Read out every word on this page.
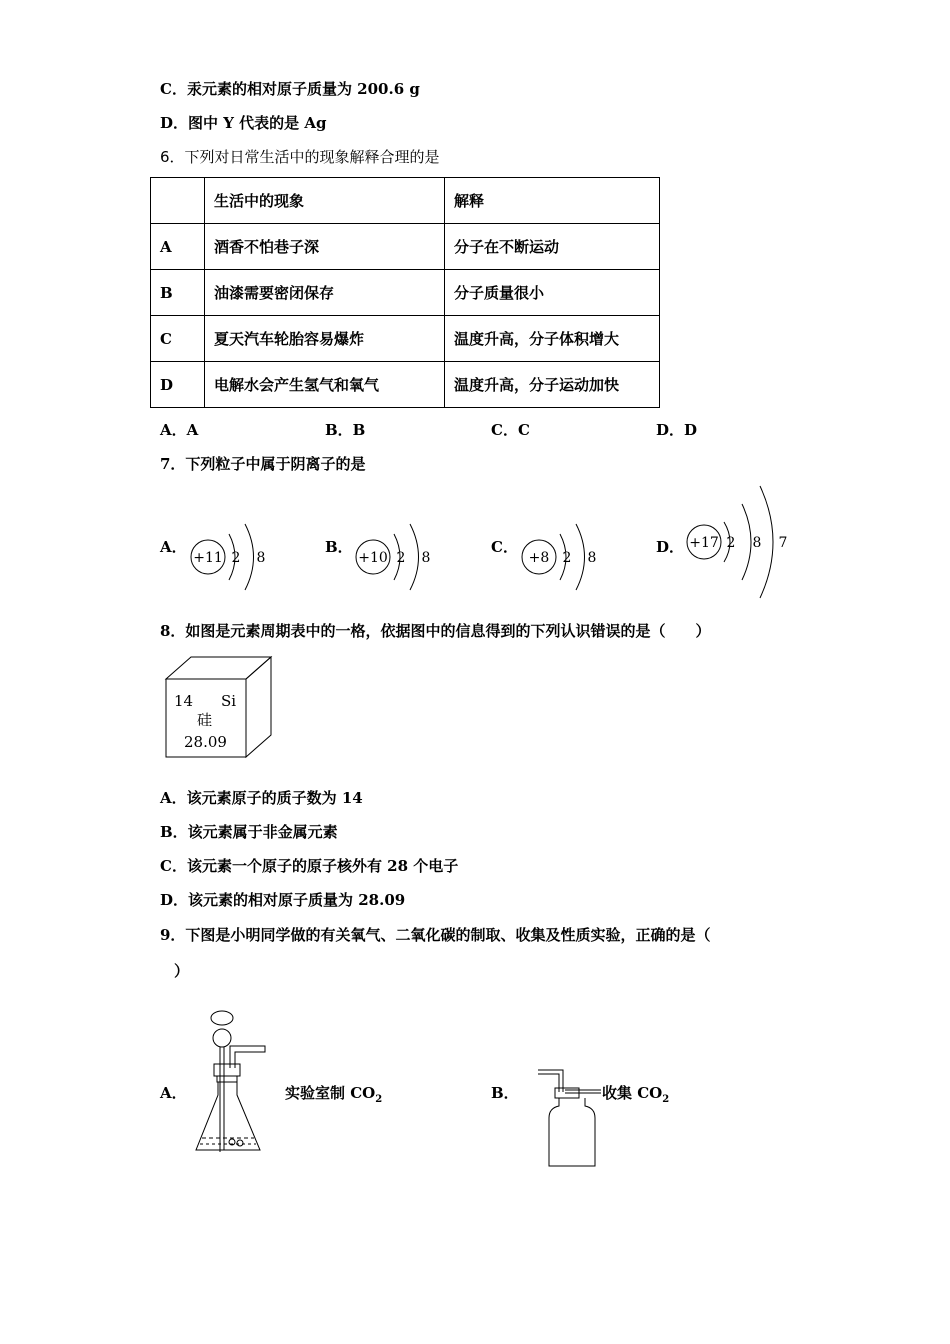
C．汞元素的相对原子质量为 200.6 g
D．图中 Y 代表的是 Ag
6．下列对日常生活中的现象解释合理的是
	生活中的现象	解释
A	酒香不怕巷子深	分子在不断运动
B	油漆需要密闭保存	分子质量很小
C	夏天汽车轮胎容易爆炸	温度升高，分子体积增大
D	电解水会产生氢气和氧气	温度升高，分子运动加快
A．A	B．B	C．C	D．D
7．下列粒子中属于阴离子的是
A．	B．	C．	D．
+11 2 8	+10 2 8	+8 2 8
+17 2 8 7
8．如图是元素周期表中的一格，依据图中的信息得到的下列认识错误的是（　　）
14 Si
硅
28.09
A．该元素原子的质子数为 14
B．该元素属于非金属元素
C．该元素一个原子的原子核外有 28 个电子
D．该元素的相对原子质量为 28.09
9．下图是小明同学做的有关氧气、二氧化碳的制取、收集及性质实验，正确的是（
）
A．	实验室制 $CO_2$	B．	收集 $CO_2$
